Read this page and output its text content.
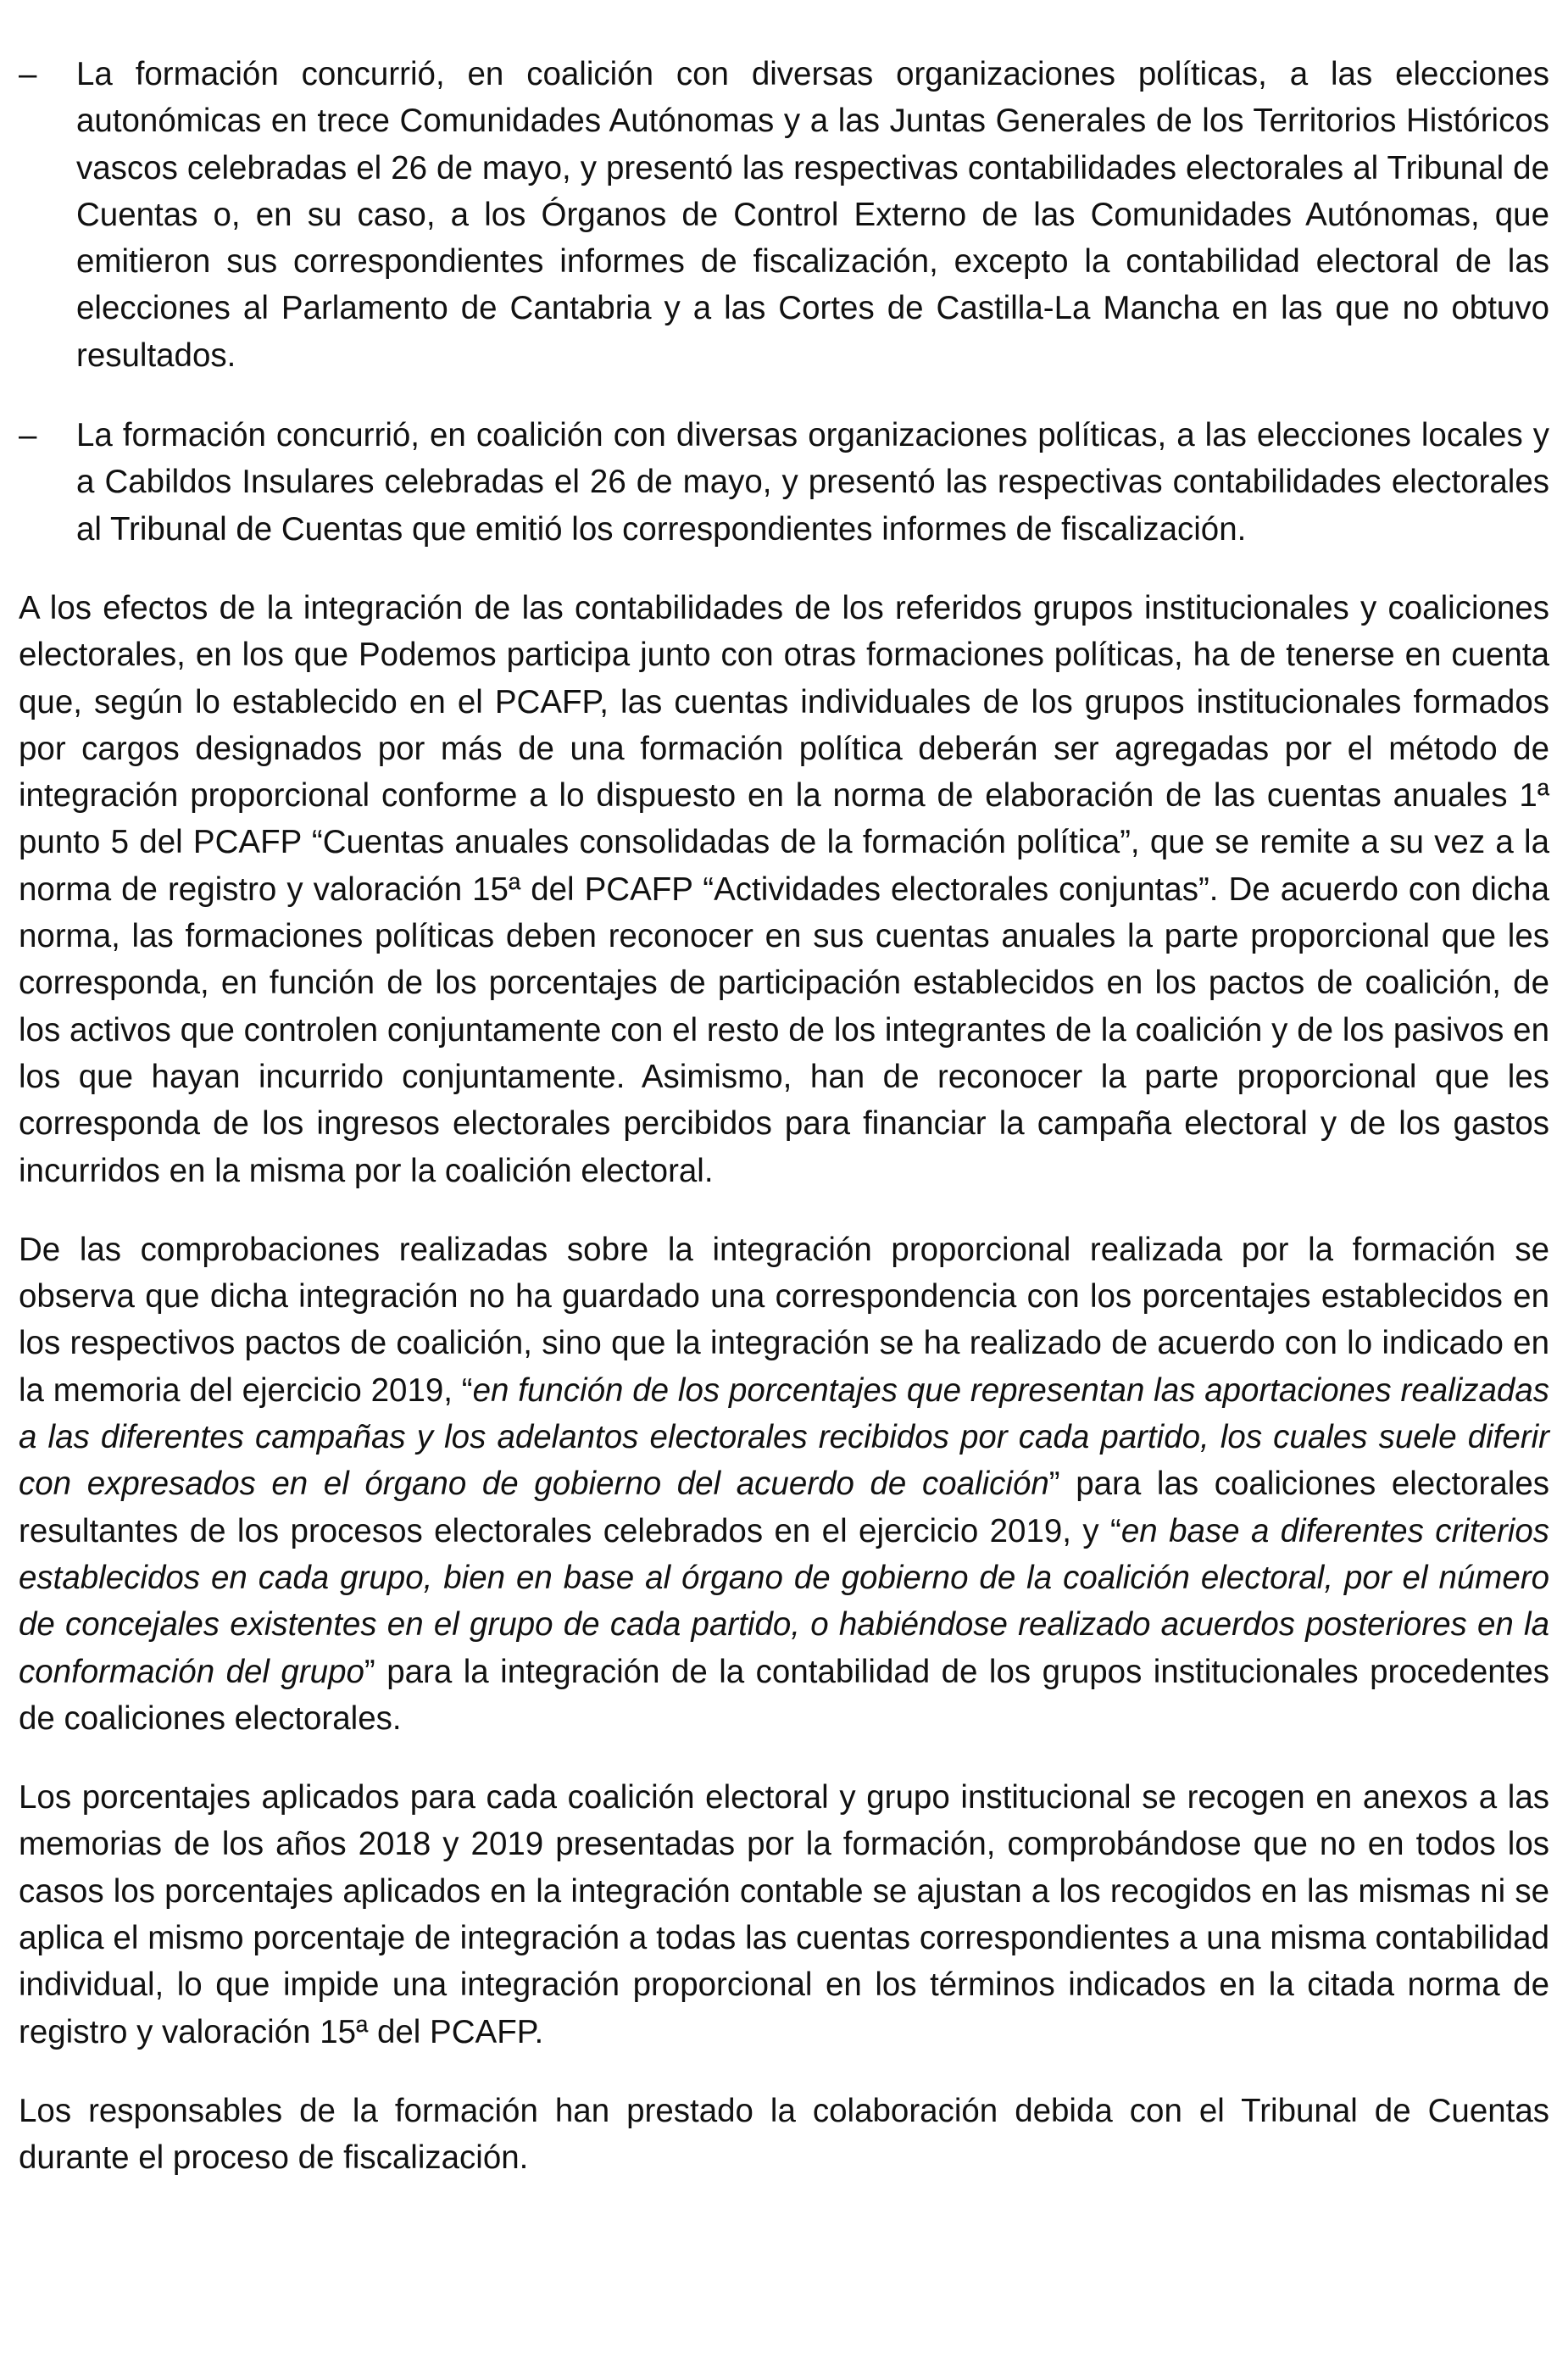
–	La formación concurrió, en coalición con diversas organizaciones políticas, a las elecciones autonómicas en trece Comunidades Autónomas y a las Juntas Generales de los Territorios Históricos vascos celebradas el 26 de mayo, y presentó las respectivas contabilidades electorales al Tribunal de Cuentas o, en su caso, a los Órganos de Control Externo de las Comunidades Autónomas, que emitieron sus correspondientes informes de fiscalización, excepto la contabilidad electoral de las elecciones al Parlamento de Cantabria y a las Cortes de Castilla-La Mancha en las que no obtuvo resultados.

–	La formación concurrió, en coalición con diversas organizaciones políticas, a las elecciones locales y a Cabildos Insulares celebradas el 26 de mayo, y presentó las respectivas contabilidades electorales al Tribunal de Cuentas que emitió los correspondientes informes de fiscalización.

A los efectos de la integración de las contabilidades de los referidos grupos institucionales y coaliciones electorales, en los que Podemos participa junto con otras formaciones políticas, ha de tenerse en cuenta que, según lo establecido en el PCAFP, las cuentas individuales de los grupos institucionales formados por cargos designados por más de una formación política deberán ser agregadas por el método de integración proporcional conforme a lo dispuesto en la norma de elaboración de las cuentas anuales 1ª punto 5 del PCAFP “Cuentas anuales consolidadas de la formación política”, que se remite a su vez a la norma de registro y valoración 15ª del PCAFP “Actividades electorales conjuntas”. De acuerdo con dicha norma, las formaciones políticas deben reconocer en sus cuentas anuales la parte proporcional que les corresponda, en función de los porcentajes de participación establecidos en los pactos de coalición, de los activos que controlen conjuntamente con el resto de los integrantes de la coalición y de los pasivos en los que hayan incurrido conjuntamente. Asimismo, han de reconocer la parte proporcional que les corresponda de los ingresos electorales percibidos para financiar la campaña electoral y de los gastos incurridos en la misma por la coalición electoral.

De las comprobaciones realizadas sobre la integración proporcional realizada por la formación se observa que dicha integración no ha guardado una correspondencia con los porcentajes establecidos en los respectivos pactos de coalición, sino que la integración se ha realizado de acuerdo con lo indicado en la memoria del ejercicio 2019, “en función de los porcentajes que representan las aportaciones realizadas a las diferentes campañas y los adelantos electorales recibidos por cada partido, los cuales suele diferir con expresados en el órgano de gobierno del acuerdo de coalición” para las coaliciones electorales resultantes de los procesos electorales celebrados en el ejercicio 2019, y “en base a diferentes criterios establecidos en cada grupo, bien en base al órgano de gobierno de la coalición electoral, por el número de concejales existentes en el grupo de cada partido, o habiéndose realizado acuerdos posteriores en la conformación del grupo” para la integración de la contabilidad de los grupos institucionales procedentes de coaliciones electorales.

Los porcentajes aplicados para cada coalición electoral y grupo institucional se recogen en anexos a las memorias de los años 2018 y 2019 presentadas por la formación, comprobándose que no en todos los casos los porcentajes aplicados en la integración contable se ajustan a los recogidos en las mismas ni se aplica el mismo porcentaje de integración a todas las cuentas correspondientes a una misma contabilidad individual, lo que impide una integración proporcional en los términos indicados en la citada norma de registro y valoración 15ª del PCAFP.

Los responsables de la formación han prestado la colaboración debida con el Tribunal de Cuentas durante el proceso de fiscalización.
